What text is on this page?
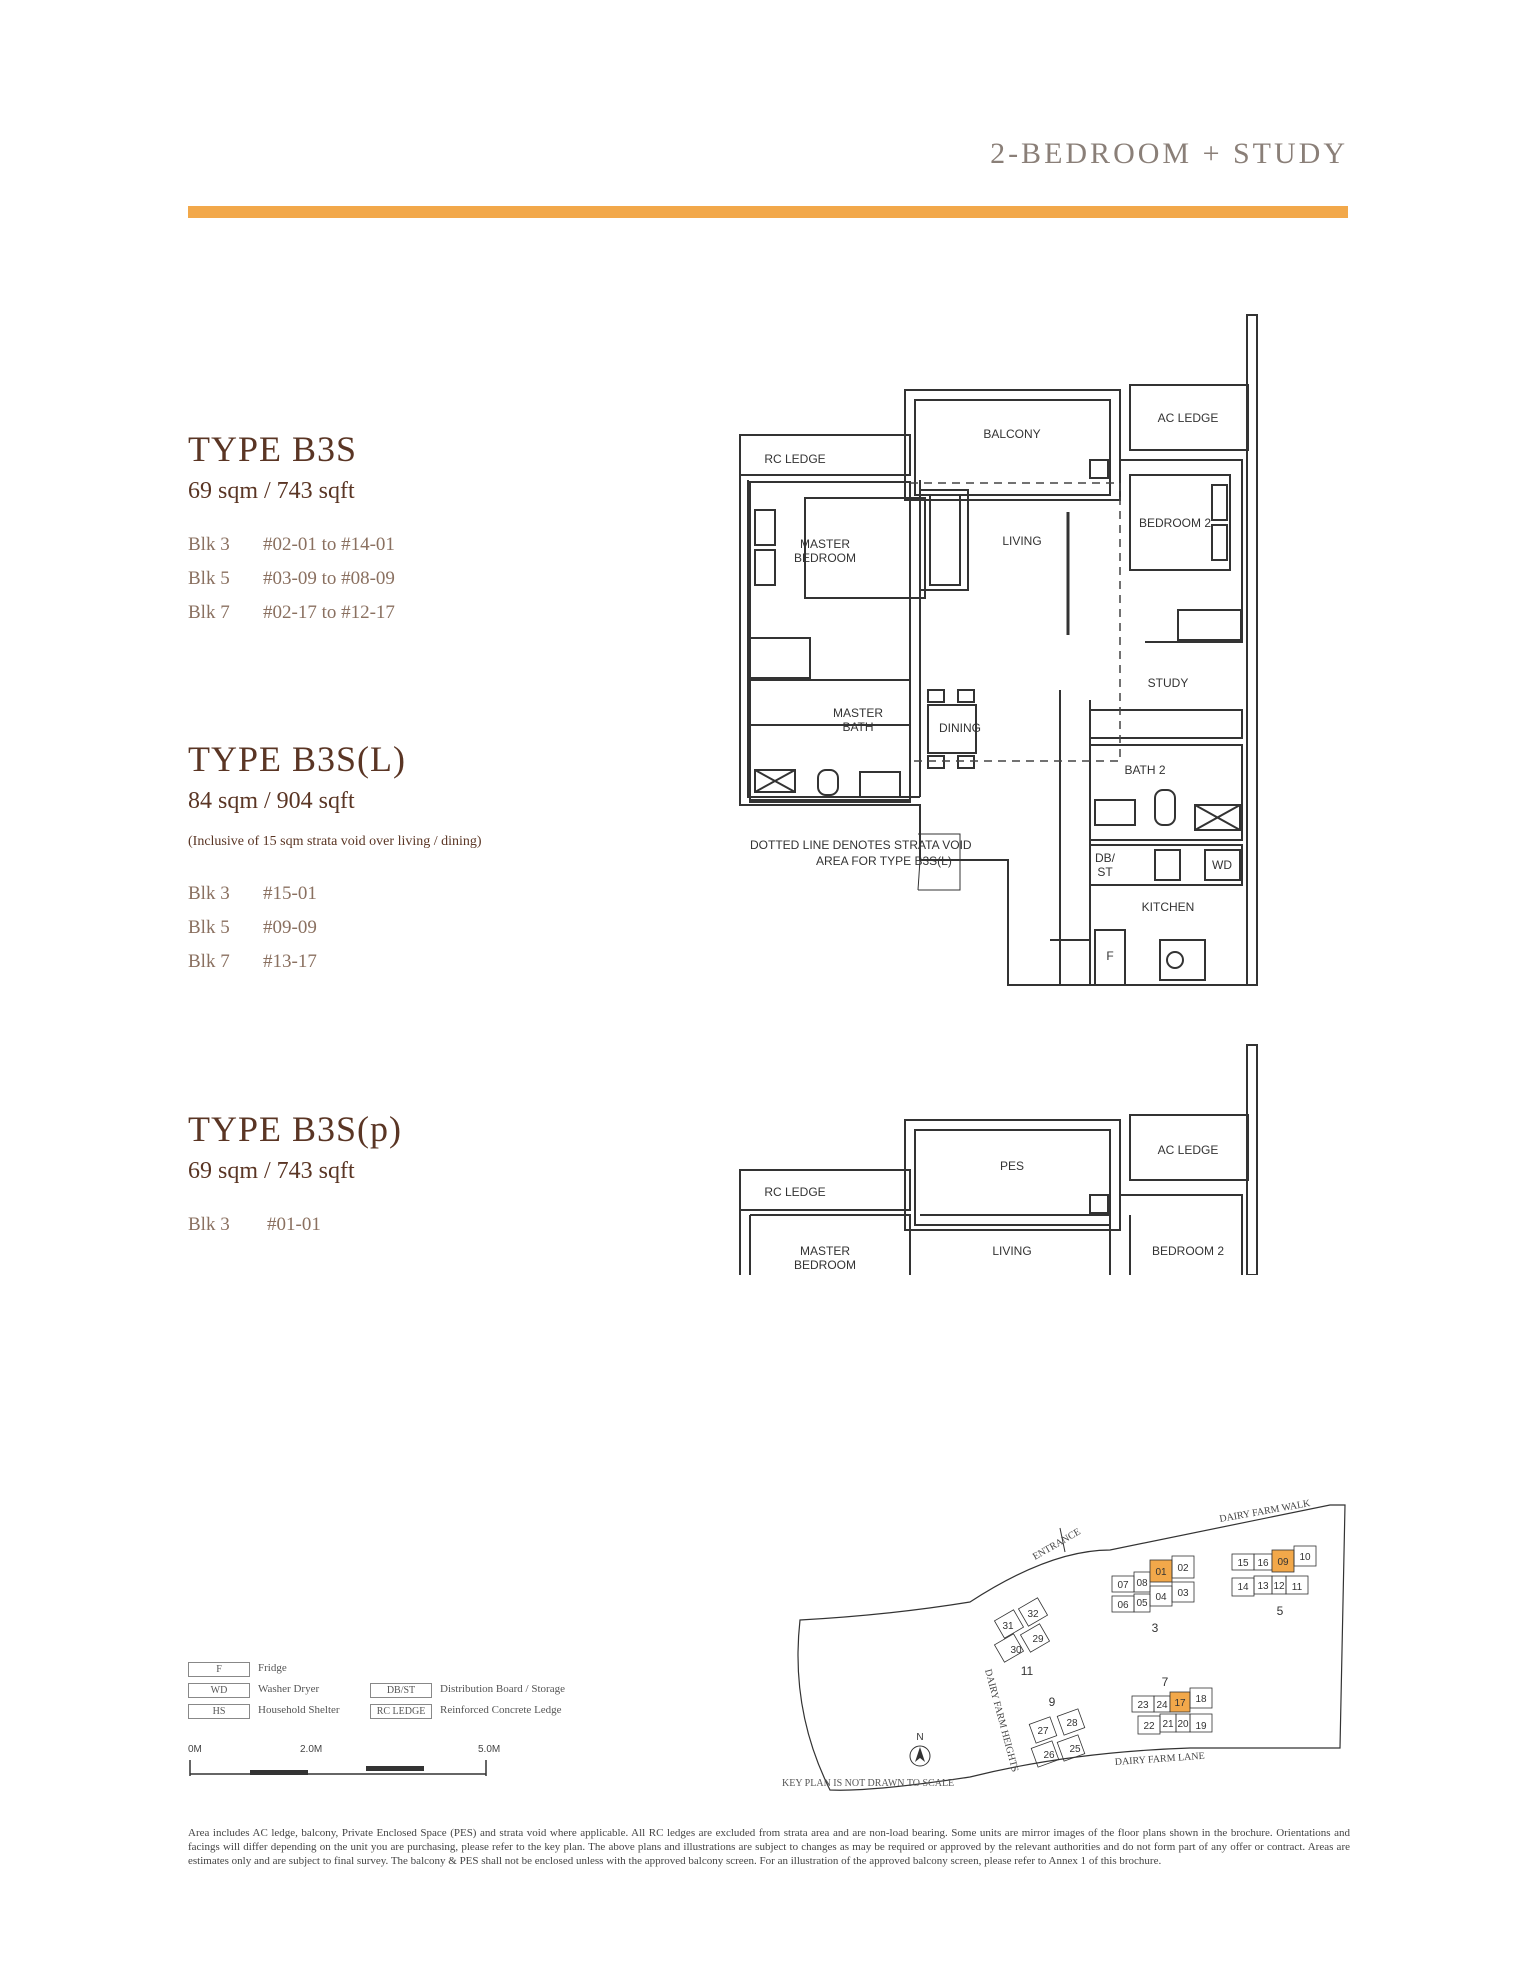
2-BEDROOM + STUDY
TYPE B3S
69 sqm / 743 sqft
Blk 3	#02-01 to #14-01
Blk 5	#03-09 to #08-09
Blk 7	#02-17 to #12-17
TYPE B3S(L)
84 sqm / 904 sqft
(Inclusive of 15 sqm strata void over living / dining)
Blk 3	#15-01
Blk 5	#09-09
Blk 7	#13-17
TYPE B3S(p)
69 sqm / 743 sqft
Blk 3	#01-01
RC LEDGE
BALCONY
AC LEDGE
MASTER
BEDROOM
LIVING
BEDROOM 2
STUDY
MASTER
BATH	DINING
BATH 2
DB/
ST	WD
KITCHEN
F
DOTTED LINE DENOTES STRATA VOID
AREA FOR TYPE B3S(L)
RC LEDGE
PES
AC LEDGE
MASTER
BEDROOM
LIVING	BEDROOM 2
F	Fridge
WD	Washer Dryer
HS	Household Shelter
DB/ST	Distribution Board / Storage
RC LEDGE	Reinforced Concrete Ledge
0M	2.0M	5.0M
DAIRY FARM WALK
ENTRANCE
DAIRY FARM HEIGHTS	DAIRY FARM LANE
07 08
01 02
06 05
04 03
3
15 16 09 10
14 13 12 11
5
31
32
30
29
11
27
28
26
25
9	23 24 17 18
22 21 20 19
7
N
KEY PLAN IS NOT DRAWN TO SCALE
Area includes AC ledge, balcony, Private Enclosed Space (PES) and strata void where applicable. All RC ledges are excluded from strata area and are non-load bearing. Some units are mirror images of the floor plans shown in the brochure. Orientations and facings will differ depending on the unit you are purchasing, please refer to the key plan. The above plans and illustrations are subject to changes as may be required or approved by the relevant authorities and do not form part of any offer or contract. Areas are estimates only and are subject to final survey. The balcony & PES shall not be enclosed unless with the approved balcony screen. For an illustration of the approved balcony screen, please refer to Annex 1 of this brochure.
